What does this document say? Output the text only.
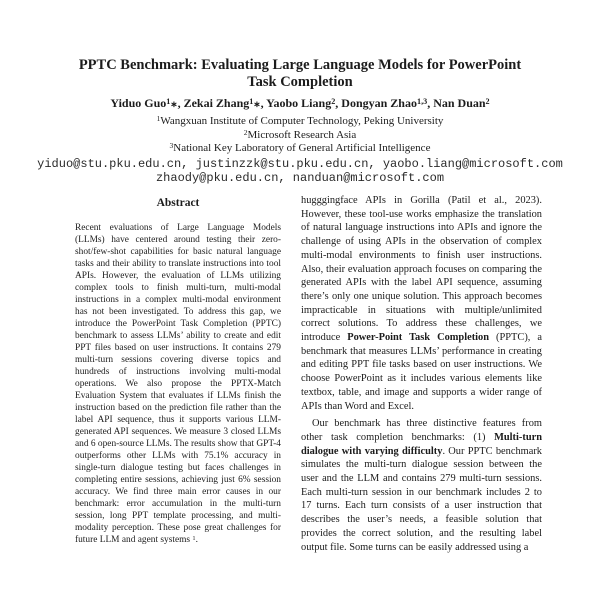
PPTC Benchmark: Evaluating Large Language Models for PowerPoint
Task Completion
Yiduo Guo$^1$∗, Zekai Zhang$^1$∗, Yaobo Liang$^2$, Dongyan Zhao$^{1,3}$, Nan Duan$^2$
$^1$Wangxuan Institute of Computer Technology, Peking University
$^2$Microsoft Research Asia
$^3$National Key Laboratory of General Artificial Intelligence
yiduo@stu.pku.edu.cn, justinzzk@stu.pku.edu.cn, yaobo.liang@microsoft.com
zhaody@pku.edu.cn, nanduan@microsoft.com
Abstract

Recent evaluations of Large Language Models (LLMs) have centered around testing their zero-shot/few-shot capabilities for basic natural language tasks and their ability to translate instructions into tool APIs. However, the evaluation of LLMs utilizing complex tools to finish multi-turn, multi-modal instructions in a complex multi-modal environment has not been investigated. To address this gap, we introduce the PowerPoint Task Completion (PPTC) benchmark to assess LLMs’ ability to create and edit PPT files based on user instructions. It contains 279 multi-turn sessions covering diverse topics and hundreds of instructions involving multi-modal operations. We also propose the PPTX-Match Evaluation System that evaluates if LLMs finish the instruction based on the prediction file rather than the label API sequence, thus it supports various LLM-generated API sequences. We measure 3 closed LLMs and 6 open-source LLMs. The results show that GPT-4 outperforms other LLMs with 75.1% accuracy in single-turn dialogue testing but faces challenges in completing entire sessions, achieving just 6% session accuracy. We find three main error causes in our benchmark: error accumulation in the multi-turn session, long PPT template processing, and multi-modality perception. These pose great challenges for future LLM and agent systems $^1$.

hugggingface APIs in Gorilla (Patil et al., 2023). However, these tool-use works emphasize the translation of natural language instructions into APIs and ignore the challenge of using APIs in the observation of complex multi-modal environments to finish user instructions. Also, their evaluation approach focuses on comparing the generated APIs with the label API sequence, assuming there’s only one unique solution. This approach becomes impracticable in situations with multiple/unlimited correct solutions. To address these challenges, we introduce Power-Point Task Completion (PPTC), a benchmark that measures LLMs’ performance in creating and editing PPT file tasks based on user instructions. We choose PowerPoint as it includes various elements like textbox, table, and image and supports a wider range of APIs than Word and Excel.

Our benchmark has three distinctive features from other task completion benchmarks: (1) Multi-turn dialogue with varying difficulty. Our PPTC benchmark simulates the multi-turn dialogue session between the user and the LLM and contains 279 multi-turn sessions. Each multi-turn session in our benchmark includes 2 to 17 turns. Each turn consists of a user instruction that describes the user’s needs, a feasible solution that provides the correct solution, and the resulting label output file. Some turns can be easily addressed using a
